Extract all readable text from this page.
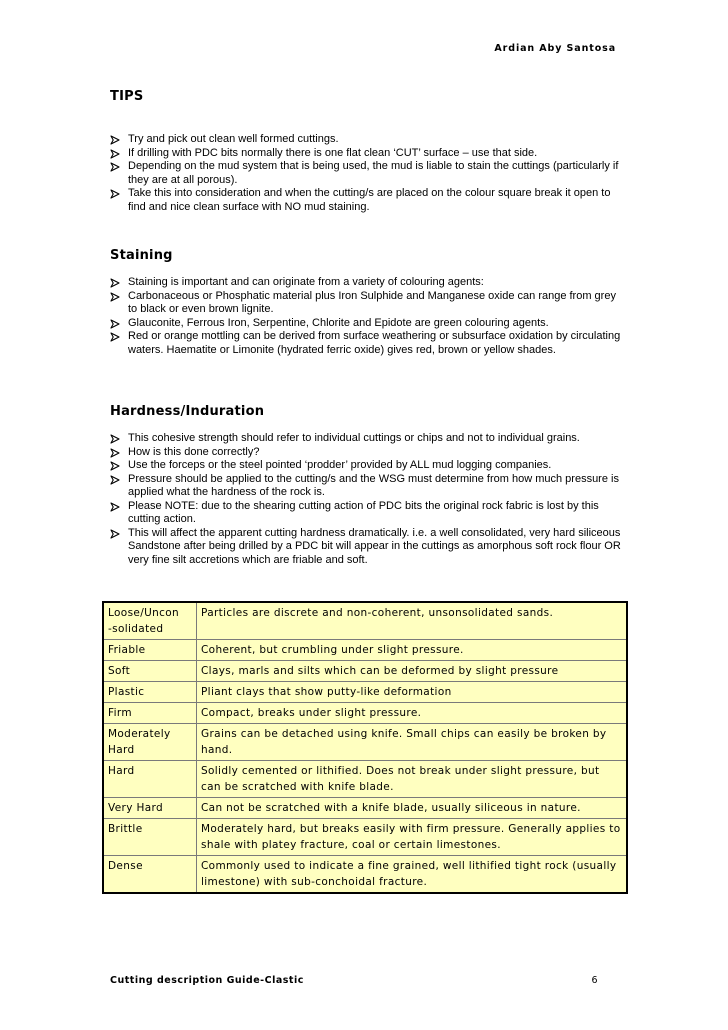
Ardian Aby Santosa
TIPS
Try and pick out clean well formed cuttings.
If drilling with PDC bits normally there is one flat clean ‘CUT’ surface – use that side.
Depending on the mud system that is being used, the mud is liable to stain the cuttings (particularly if they are at all porous).
Take this into consideration and when the cutting/s are placed on the colour square break it open to find and nice clean surface with NO mud staining.
Staining
Staining is important and can originate from a variety of colouring agents:
Carbonaceous or Phosphatic material plus Iron Sulphide and Manganese oxide can range from grey to black or even brown lignite.
Glauconite, Ferrous Iron, Serpentine, Chlorite and Epidote are green colouring agents.
Red or orange mottling can be derived from surface weathering or subsurface oxidation by circulating waters. Haematite or Limonite (hydrated ferric oxide) gives red, brown or yellow shades.
Hardness/Induration
This cohesive strength should refer to individual cuttings or chips and not to individual grains.
How is this done correctly?
Use the forceps or the steel pointed ‘prodder’ provided by ALL mud logging companies.
Pressure should be applied to the cutting/s and the WSG must determine from how much pressure is applied what the hardness of the rock is.
Please NOTE: due to the shearing cutting action of PDC bits the original rock fabric is lost by this cutting action.
This will affect the apparent cutting hardness dramatically. i.e. a well consolidated, very hard siliceous Sandstone after being drilled by a PDC bit will appear in the cuttings as amorphous soft rock flour OR very fine silt accretions which are friable and soft.
Loose/Uncon
-solidated	Particles are discrete and non-coherent, unsonsolidated sands.
Friable	Coherent, but crumbling under slight pressure.
Soft	Clays, marls and silts which can be deformed by slight pressure
Plastic	Pliant clays that show putty-like deformation
Firm	Compact, breaks under slight pressure.
Moderately Hard	Grains can be detached using knife. Small chips can easily be broken by hand.
Hard	Solidly cemented or lithified. Does not break under slight pressure, but can be scratched with knife blade.
Very Hard	Can not be scratched with a knife blade, usually siliceous in nature.
Brittle	Moderately hard, but breaks easily with firm pressure. Generally applies to shale with platey fracture, coal or certain limestones.
Dense	Commonly used to indicate a fine grained, well lithified tight rock (usually limestone) with sub-conchoidal fracture.
Cutting description Guide-Clastic	6
